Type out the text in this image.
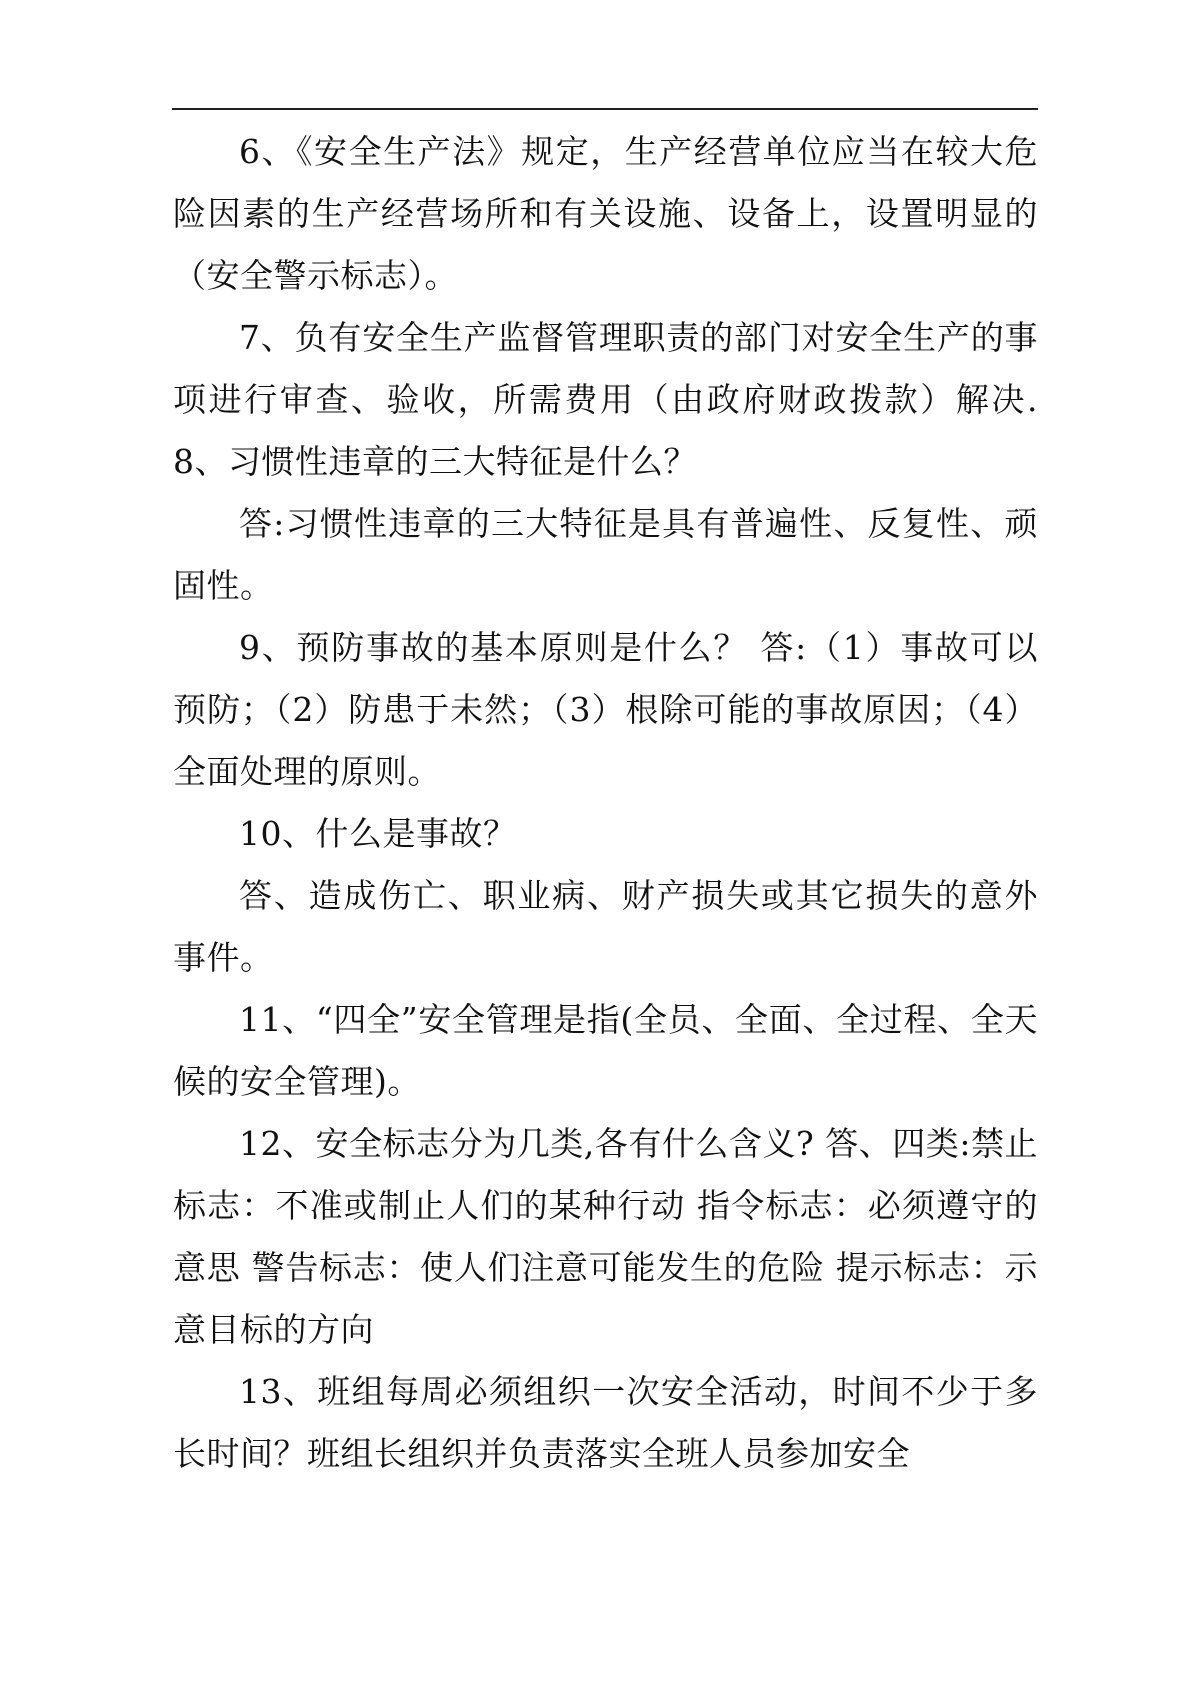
6、《安全生产法》规定，生产经营单位应当在较大危险因素的生产经营场所和有关设施、设备上，设置明显的（安全警示标志）。

7、负有安全生产监督管理职责的部门对安全生产的事项进行审查、验收，所需费用（由政府财政拨款）解决.8、习惯性违章的三大特征是什么？

答:习惯性违章的三大特征是具有普遍性、反复性、顽固性。

9、预防事故的基本原则是什么？ 答:（1）事故可以预防；（2）防患于未然；（3）根除可能的事故原因；（4）全面处理的原则。

10、什么是事故？

答、造成伤亡、职业病、财产损失或其它损失的意外事件。

11、“四全”安全管理是指(全员、全面、全过程、全天候的安全管理)。

12、安全标志分为几类,各有什么含义? 答、四类:禁止标志：不准或制止人们的某种行动 指令标志：必须遵守的意思 警告标志：使人们注意可能发生的危险 提示标志：示意目标的方向

13、班组每周必须组织一次安全活动，时间不少于多长时间？班组长组织并负责落实全班人员参加安全
